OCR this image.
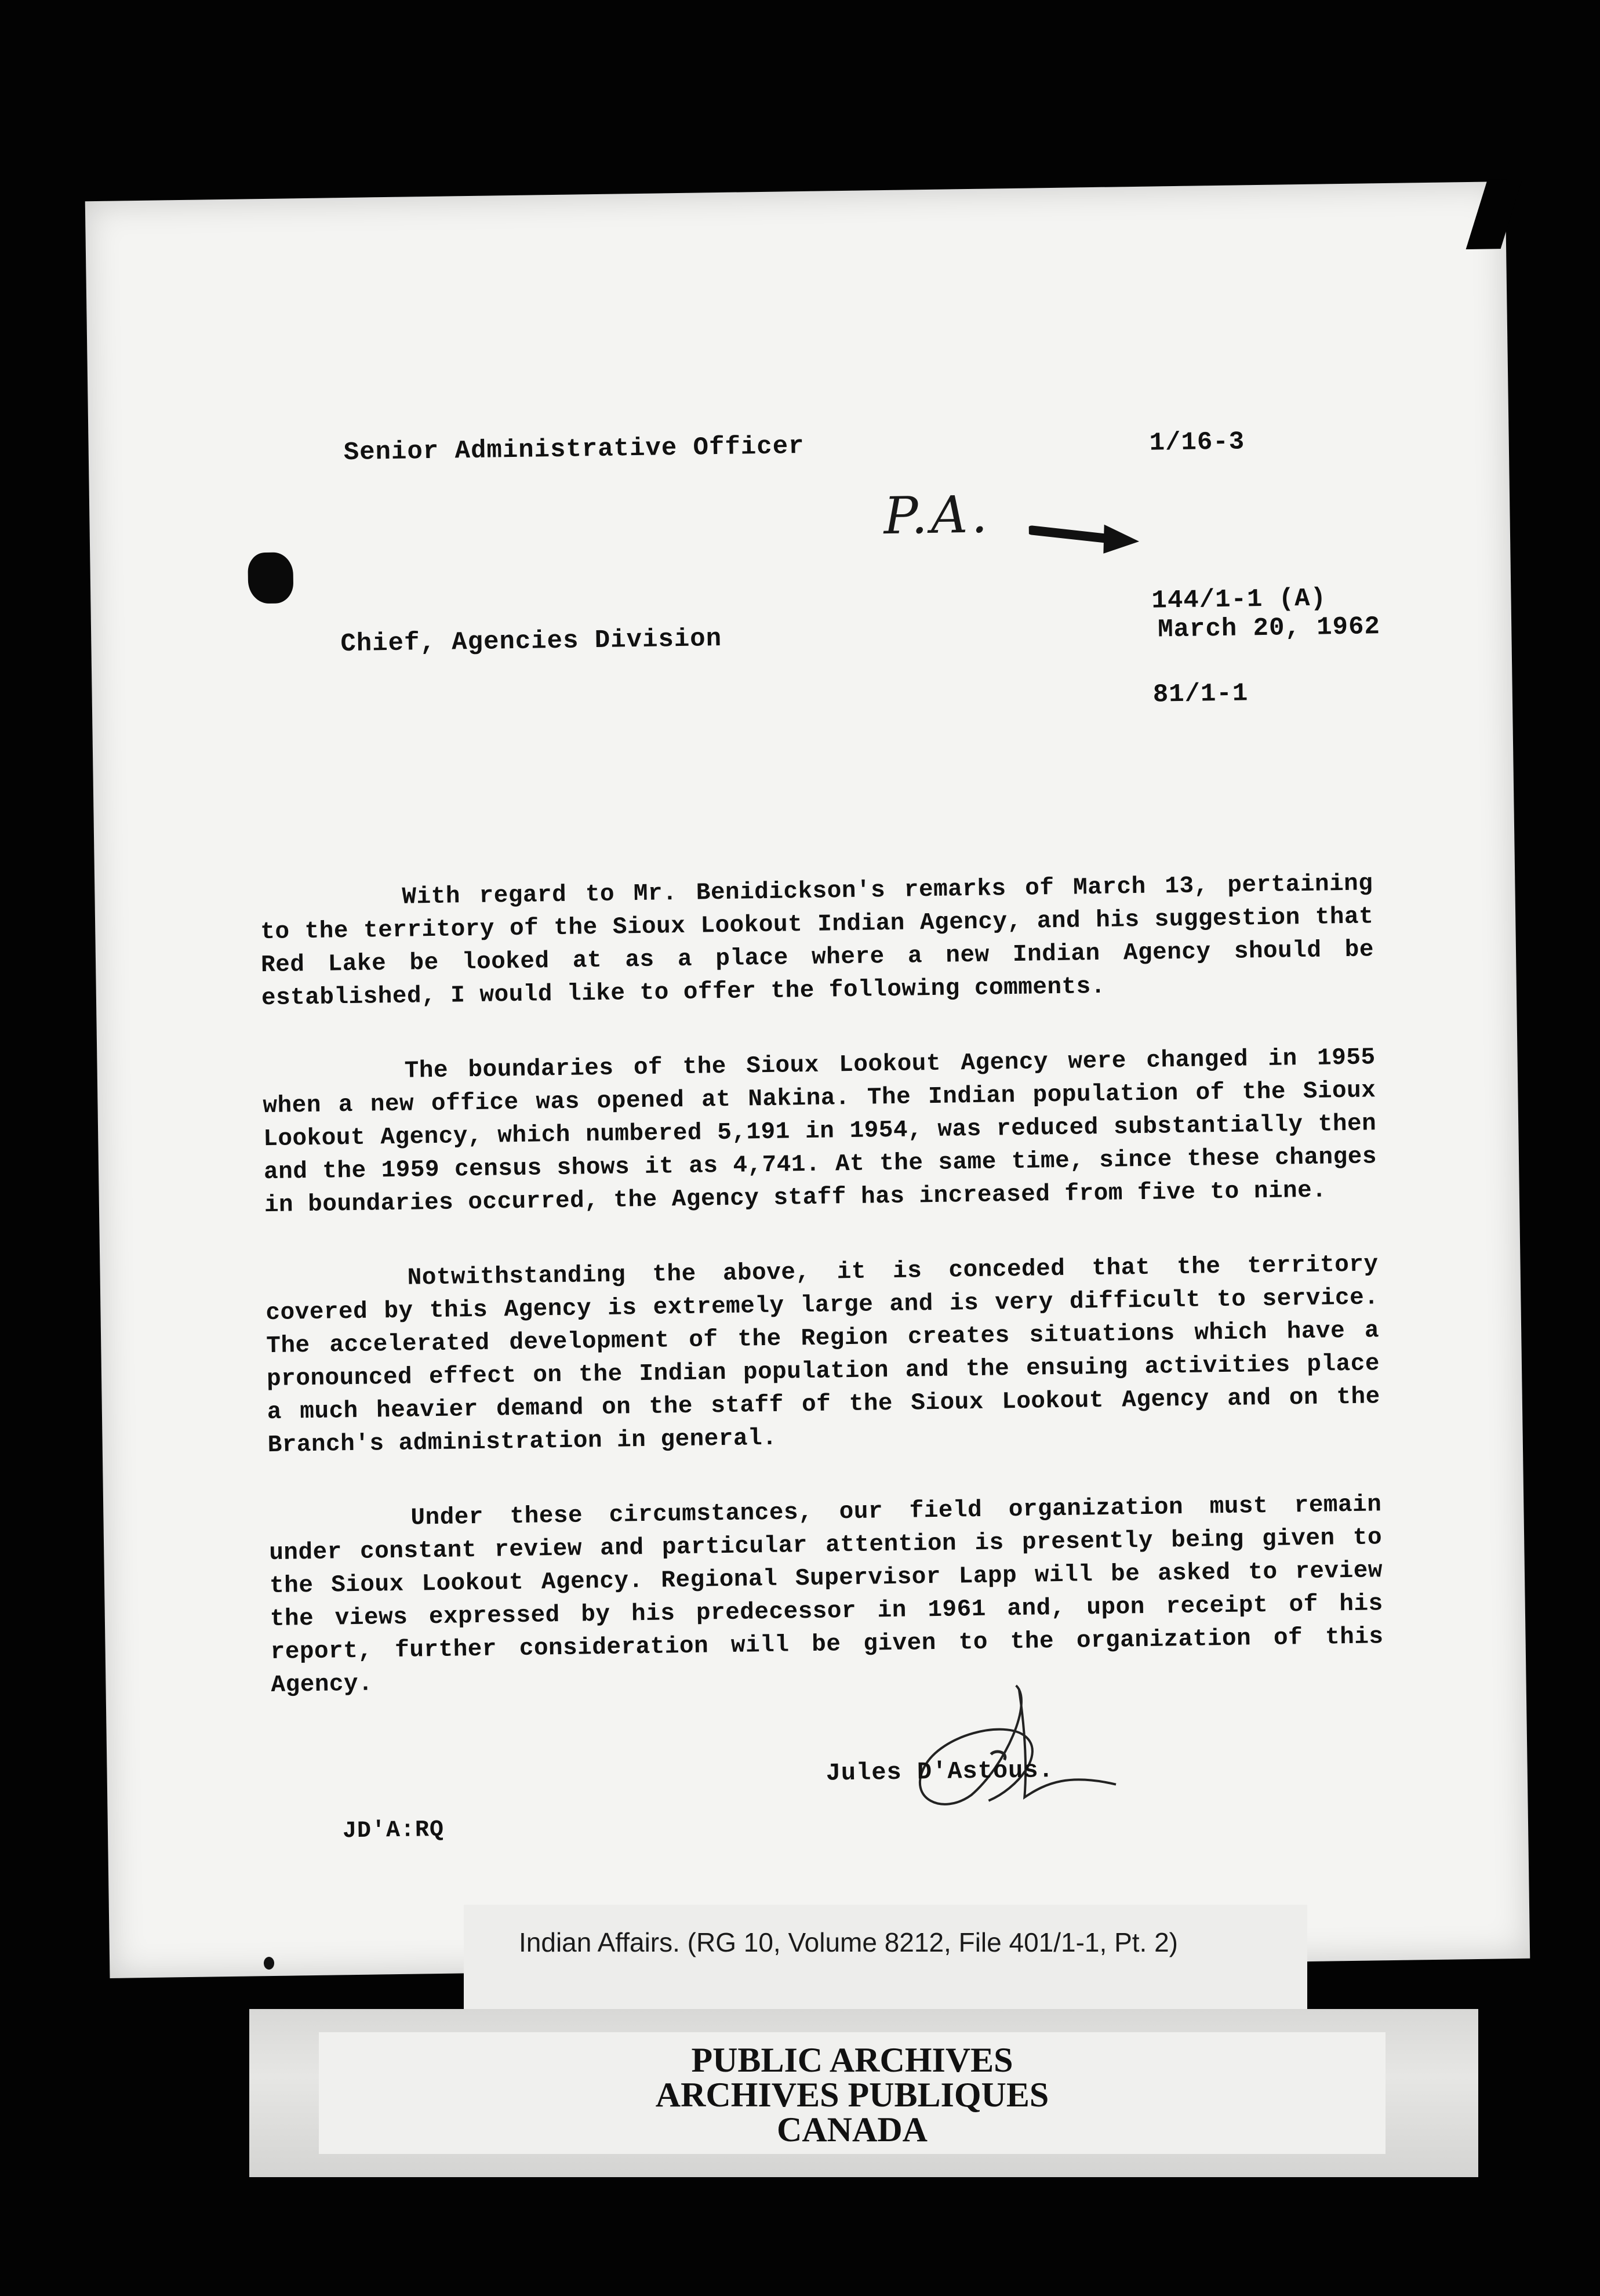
Senior Administrative Officer	1/16-3
P.A.

144/1-1 (A)

81/1-1

Chief, Agencies Division	March 20, 1962

With regard to Mr. Benidickson's remarks of March 13, pertaining to the territory of the Sioux Lookout Indian Agency, and his suggestion that Red Lake be looked at as a place where a new Indian Agency should be established, I would like to offer the following comments.

The boundaries of the Sioux Lookout Agency were changed in 1955 when a new office was opened at Nakina. The Indian population of the Sioux Lookout Agency, which numbered 5,191 in 1954, was reduced substantially then and the 1959 census shows it as 4,741. At the same time, since these changes in boundaries occurred, the Agency staff has increased from five to nine.

Notwithstanding the above, it is conceded that the territory covered by this Agency is extremely large and is very difficult to service. The accelerated development of the Region creates situations which have a pronounced effect on the Indian population and the ensuing activities place a much heavier demand on the staff of the Sioux Lookout Agency and on the Branch's administration in general.

Under these circumstances, our field organization must remain under constant review and particular attention is presently being given to the Sioux Lookout Agency. Regional Supervisor Lapp will be asked to review the views expressed by his predecessor in 1961 and, upon receipt of his report, further consideration will be given to the organization of this Agency.

Jules D'Astous.
JD'A:RQ
Indian Affairs. (RG 10, Volume 8212, File 401/1-1, Pt. 2)
PUBLIC ARCHIVES
ARCHIVES PUBLIQUES
CANADA
